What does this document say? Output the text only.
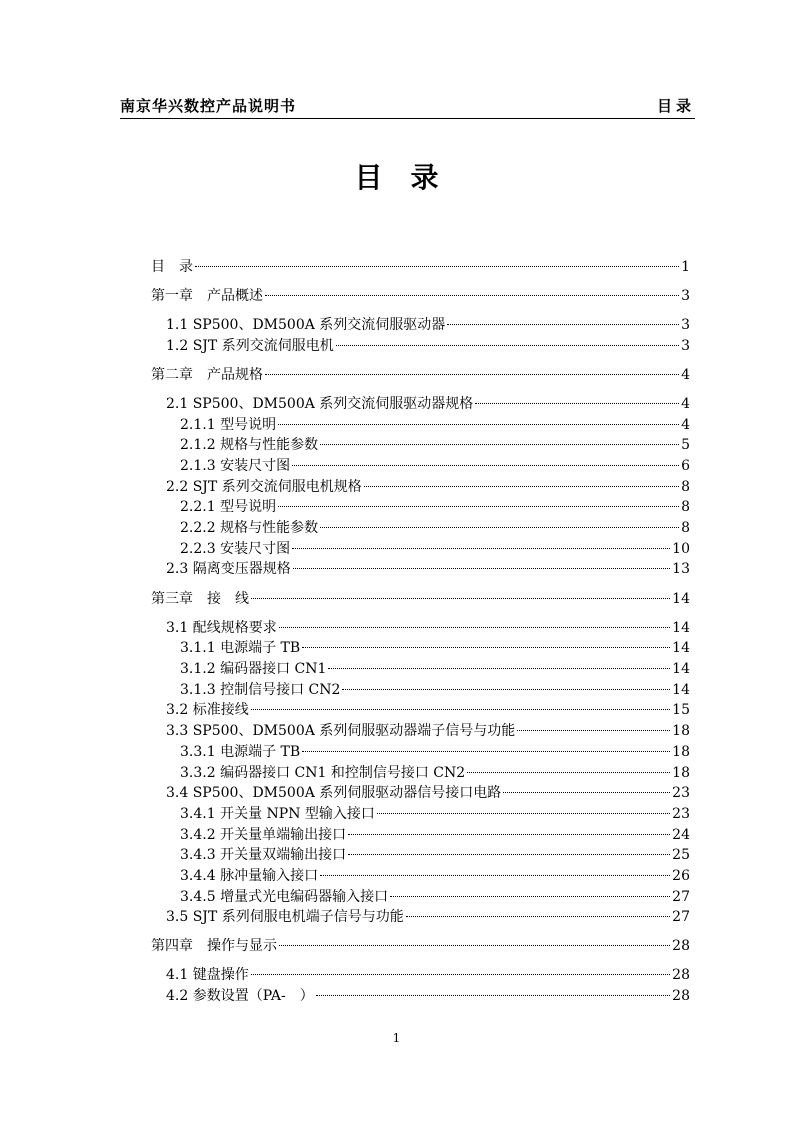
南京华兴数控产品说明书	目录
目录
目　录	1
第一章　产品概述	3
1.1 SP500、DM500A 系列交流伺服驱动器	3
1.2 SJT 系列交流伺服电机	3
第二章　产品规格	4
2.1 SP500、DM500A 系列交流伺服驱动器规格	4
2.1.1 型号说明	4
2.1.2 规格与性能参数	5
2.1.3 安装尺寸图	6
2.2 SJT 系列交流伺服电机规格	8
2.2.1 型号说明	8
2.2.2 规格与性能参数	8
2.2.3 安装尺寸图	10
2.3 隔离变压器规格	13
第三章　接　线	14
3.1 配线规格要求	14
3.1.1 电源端子 TB	14
3.1.2 编码器接口 CN1	14
3.1.3 控制信号接口 CN2	14
3.2 标准接线	15
3.3 SP500、DM500A 系列伺服驱动器端子信号与功能	18
3.3.1 电源端子 TB	18
3.3.2 编码器接口 CN1 和控制信号接口 CN2	18
3.4 SP500、DM500A 系列伺服驱动器信号接口电路	23
3.4.1 开关量 NPN 型输入接口	23
3.4.2 开关量单端输出接口	24
3.4.3 开关量双端输出接口	25
3.4.4 脉冲量输入接口	26
3.4.5 增量式光电编码器输入接口	27
3.5 SJT 系列伺服电机端子信号与功能	27
第四章　操作与显示	28
4.1 键盘操作	28
4.2 参数设置（PA-　）	28
1
